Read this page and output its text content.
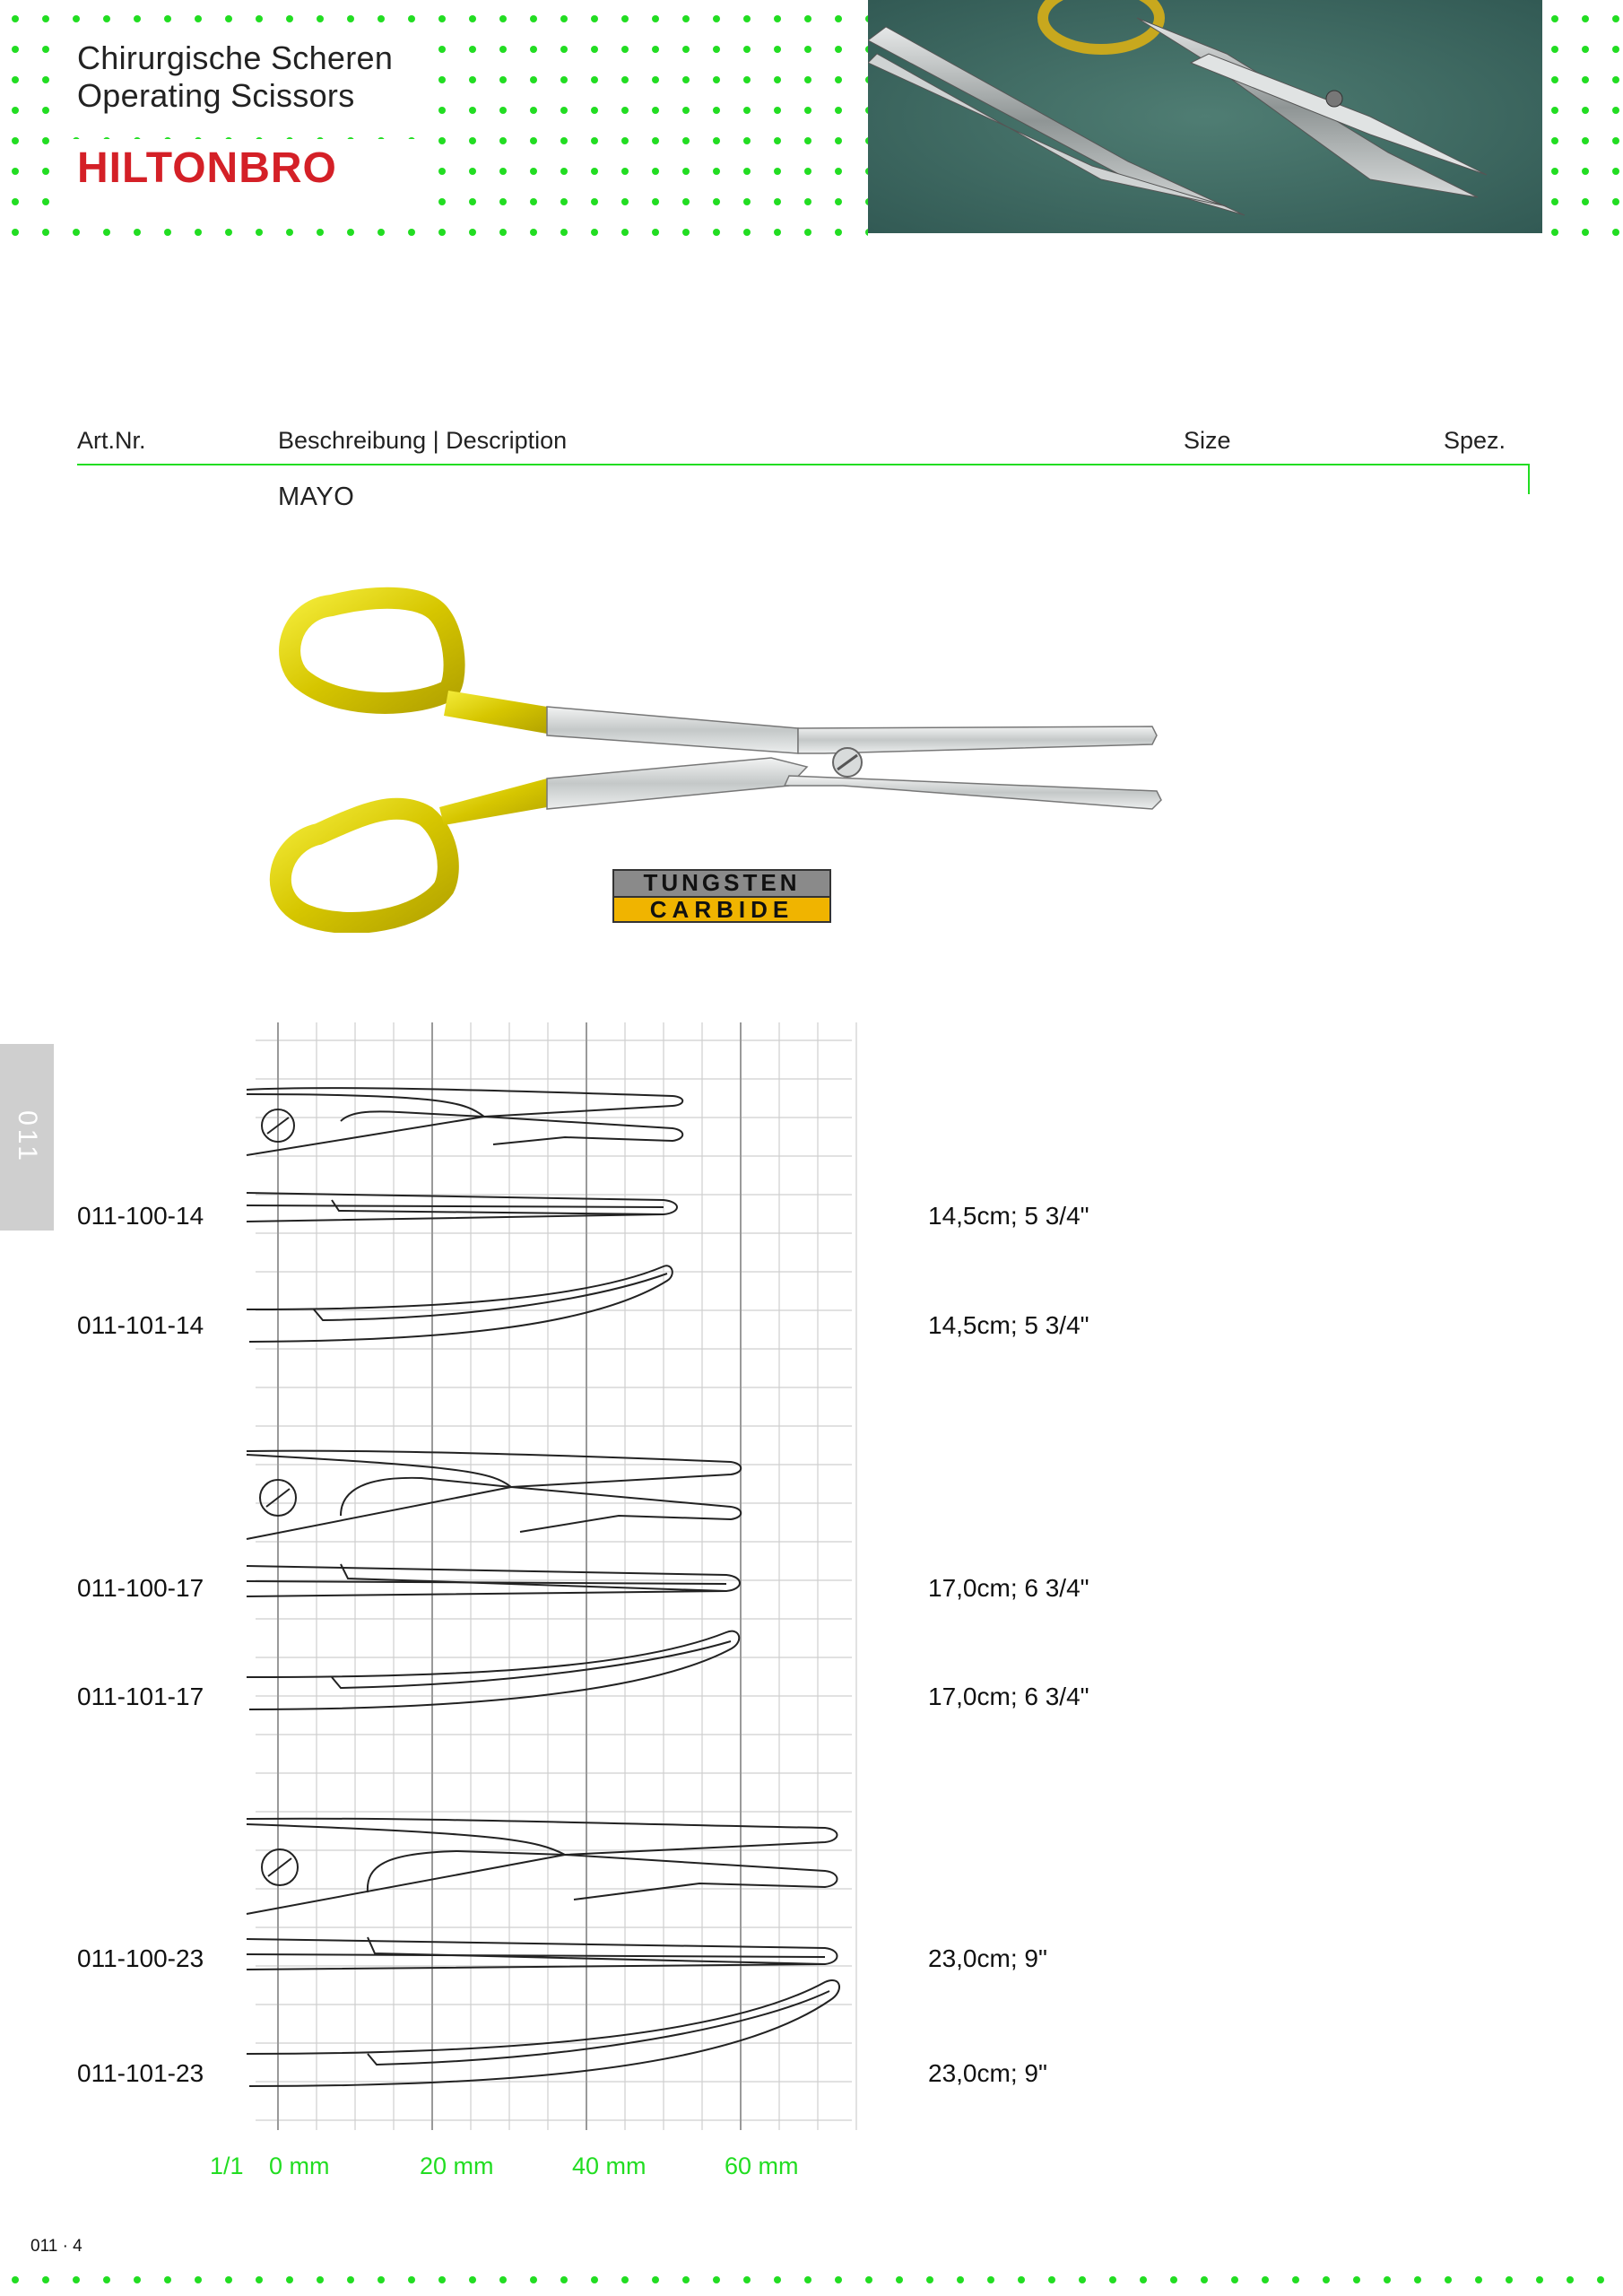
Chirurgische Scheren
Operating Scissors
HILTONBRO
Art.Nr.	Beschreibung | Description	Size	Spez.
MAYO
TUNGSTEN
CARBIDE
011
011-100-14	14,5cm; 5 3/4"
011-101-14	14,5cm; 5 3/4"
011-100-17	17,0cm; 6 3/4"
011-101-17	17,0cm; 6 3/4"
011-100-23	23,0cm; 9"
011-101-23	23,0cm; 9"
1/1 0 mm	20 mm	40 mm	60 mm
011 · 4
